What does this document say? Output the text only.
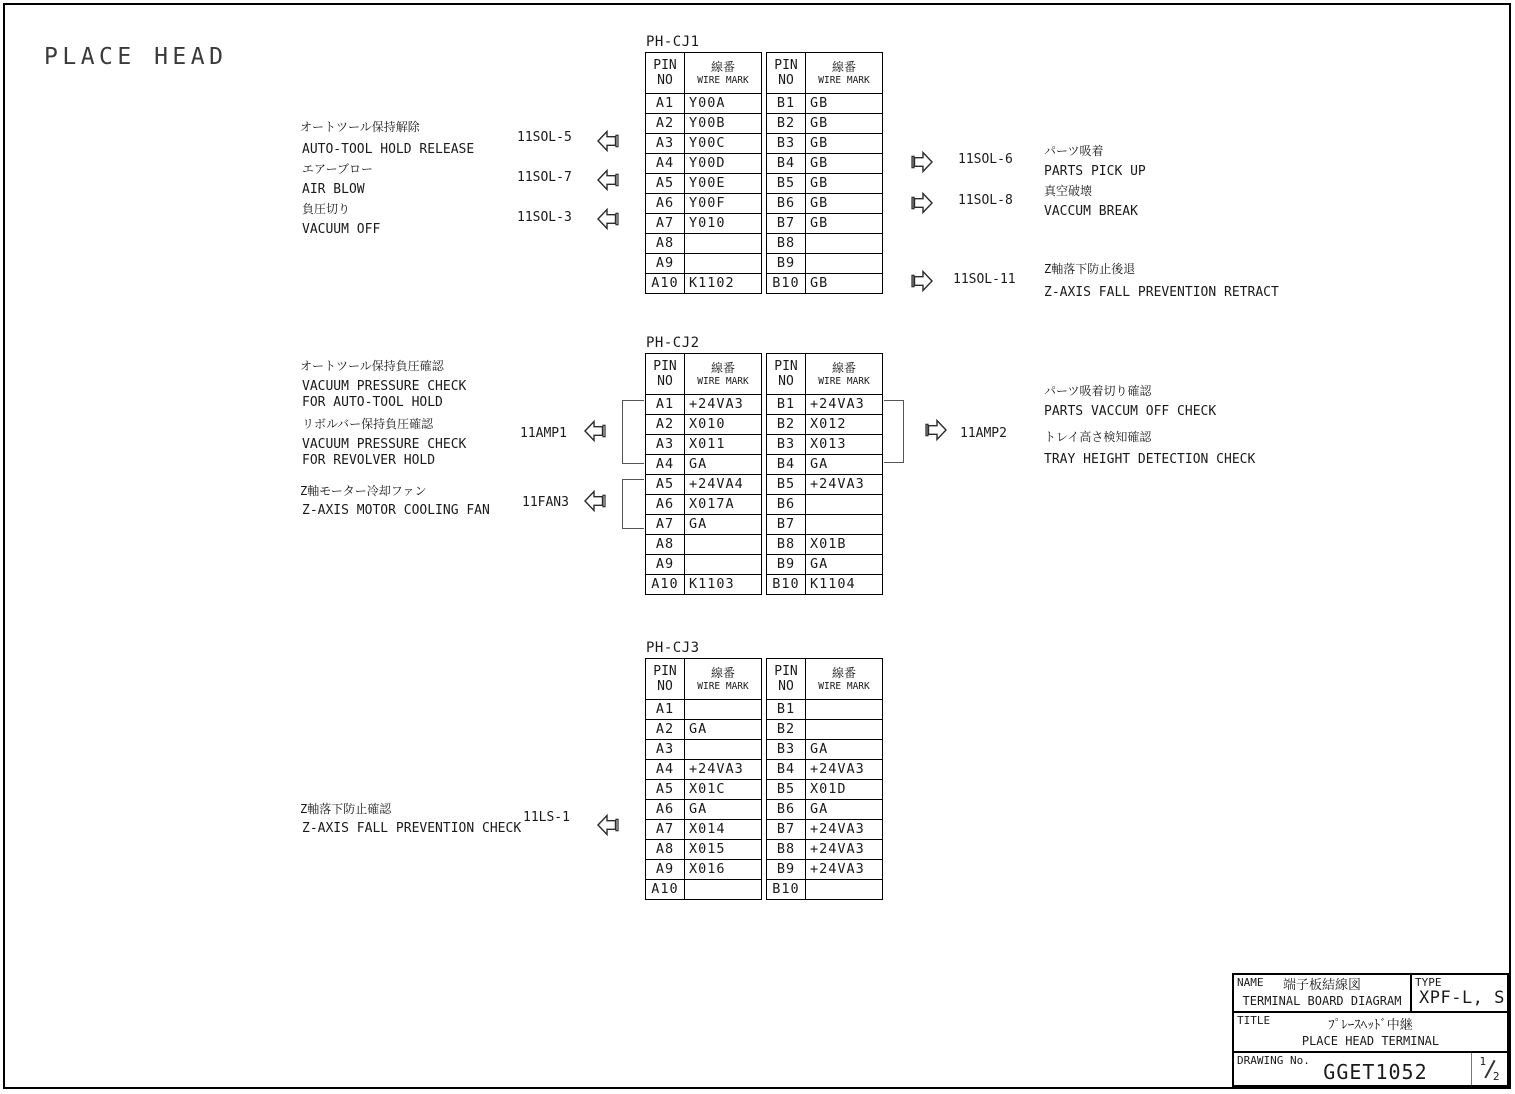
PLACE HEAD
PH-CJ1
PIN
NO
線番
WIRE MARK
A1	Y00A
A2	Y00B
A3	Y00C
A4	Y00D
A5	Y00E
A6	Y00F
A7	Y010
A8
A9
A10 K1102
PIN
NO
線番
WIRE MARK
B1	GB
B2	GB
B3	GB
B4	GB
B5	GB
B6	GB
B7	GB
B8
B9
B10 GB
PH-CJ2
PIN
NO
線番
WIRE MARK
A1	+24VA3
A2	X010
A3	X011
A4	GA
A5	+24VA4
A6	X017A
A7	GA
A8
A9
A10 K1103
PIN
NO
線番
WIRE MARK
B1	+24VA3
B2	X012
B3	X013
B4	GA
B5	+24VA3
B6
B7
B8	X01B
B9	GA
B10 K1104
PH-CJ3
PIN
NO
線番
WIRE MARK
A1
A2	GA
A3
A4	+24VA3
A5	X01C
A6	GA
A7	X014
A8	X015
A9	X016
A10
PIN
NO
線番
WIRE MARK
B1
B2
B3	GA
B4	+24VA3
B5	X01D
B6	GA
B7	+24VA3
B8	+24VA3
B9	+24VA3
B10
オートツール保持解除
AUTO-TOOL HOLD RELEASE
11SOL-5
エアーブロー
AIR BLOW
11SOL-7
負圧切り
VACUUM OFF
11SOL-3
11SOL-6
パーツ吸着
PARTS PICK UP
11SOL-8
真空破壊
VACCUM BREAK
11SOL-11
Z軸落下防止後退
Z-AXIS FALL PREVENTION RETRACT
オートツール保持負圧確認
VACUUM PRESSURE CHECK
FOR AUTO-TOOL HOLD
リボルバー保持負圧確認
VACUUM PRESSURE CHECK
FOR REVOLVER HOLD
11AMP1
Z軸モーター冷却ファン
Z-AXIS MOTOR COOLING FAN
11FAN3
11AMP2
パーツ吸着切り確認
PARTS VACCUM OFF CHECK
トレイ高さ検知確認
TRAY HEIGHT DETECTION CHECK
Z軸落下防止確認
Z-AXIS FALL PREVENTION CHECK
11LS-1
NAME 端子板結線図
TERMINAL BOARD DIAGRAM
TYPE
XPF-L, S
TITLE	ﾌﾟﾚｰｽﾍｯﾄﾞ中継
PLACE HEAD TERMINAL
DRAWING No. GGET1052	1
2
